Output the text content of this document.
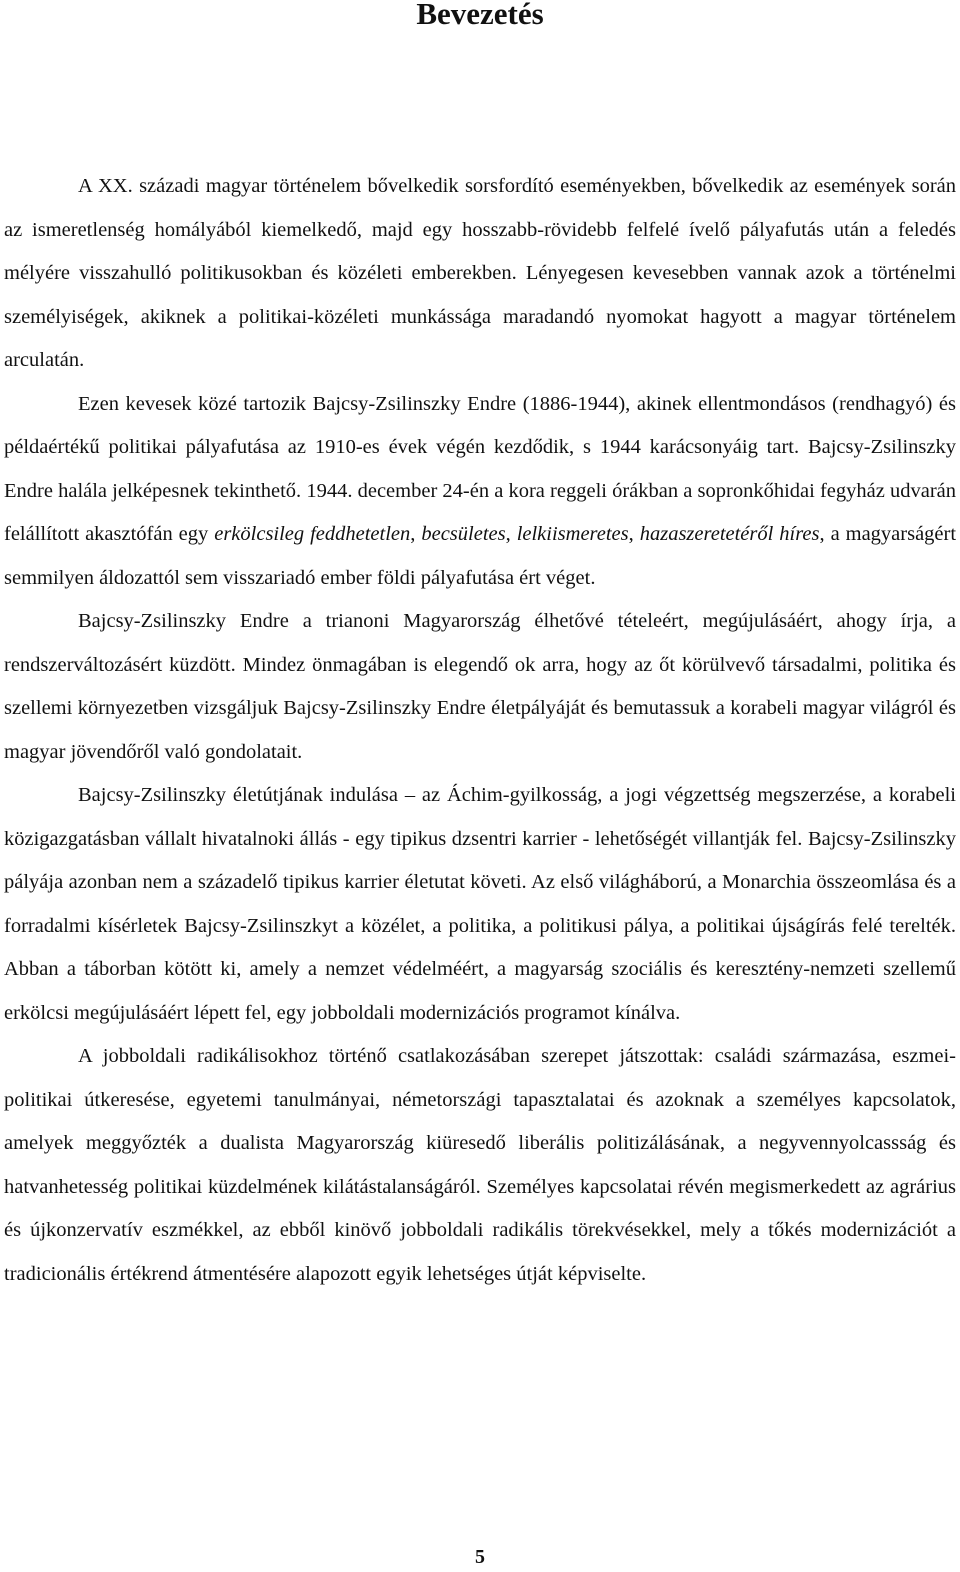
Bevezetés

A XX. századi magyar történelem bővelkedik sorsfordító eseményekben, bővelkedik az események során az ismeretlenség homályából kiemelkedő, majd egy hosszabb-rövidebb felfelé ívelő pályafutás után a feledés mélyére visszahulló politikusokban és közéleti emberekben. Lényegesen kevesebben vannak azok a történelmi személyiségek, akiknek a politikai-közéleti munkássága maradandó nyomokat hagyott a magyar történelem arculatán.

Ezen kevesek közé tartozik Bajcsy-Zsilinszky Endre (1886-1944), akinek ellentmondásos (rendhagyó) és példaértékű politikai pályafutása az 1910-es évek végén kezdődik, s 1944 karácsonyáig tart. Bajcsy-Zsilinszky Endre halála jelképesnek tekinthető. 1944. december 24-én a kora reggeli órákban a sopronkőhidai fegyház udvarán felállított akasztófán egy erkölcsileg feddhetetlen, becsületes, lelkiismeretes, hazaszeretetéről híres, a magyarságért semmilyen áldozattól sem visszariadó ember földi pályafutása ért véget.

Bajcsy-Zsilinszky Endre a trianoni Magyarország élhetővé tételeért, megújulásáért, ahogy írja, a rendszerváltozásért küzdött. Mindez önmagában is elegendő ok arra, hogy az őt körülvevő társadalmi, politika és szellemi környezetben vizsgáljuk Bajcsy-Zsilinszky Endre életpályáját és bemutassuk a korabeli magyar világról és magyar jövendőről való gondolatait.

Bajcsy-Zsilinszky életútjának indulása – az Áchim-gyilkosság, a jogi végzettség megszerzése, a korabeli közigazgatásban vállalt hivatalnoki állás - egy tipikus dzsentri karrier - lehetőségét villantják fel. Bajcsy-Zsilinszky pályája azonban nem a századelő tipikus karrier életutat követi. Az első világháború, a Monarchia összeomlása és a forradalmi kísérletek Bajcsy-Zsilinszkyt a közélet, a politika, a politikusi pálya, a politikai újságírás felé terelték. Abban a táborban kötött ki, amely a nemzet védelméért, a magyarság szociális és keresztény-nemzeti szellemű erkölcsi megújulásáért lépett fel, egy jobboldali modernizációs programot kínálva.

A jobboldali radikálisokhoz történő csatlakozásában szerepet játszottak: családi származása, eszmei-politikai útkeresése, egyetemi tanulmányai, németországi tapasztalatai és azoknak a személyes kapcsolatok, amelyek meggyőzték a dualista Magyarország kiüresedő liberális politizálásának, a negyvennyolcassság és hatvanhetesség politikai küzdelmének kilátástalanságáról. Személyes kapcsolatai révén megismerkedett az agrárius és újkonzervatív eszmékkel, az ebből kinövő jobboldali radikális törekvésekkel, mely a tőkés modernizációt a tradicionális értékrend átmentésére alapozott egyik lehetséges útját képviselte.

5
